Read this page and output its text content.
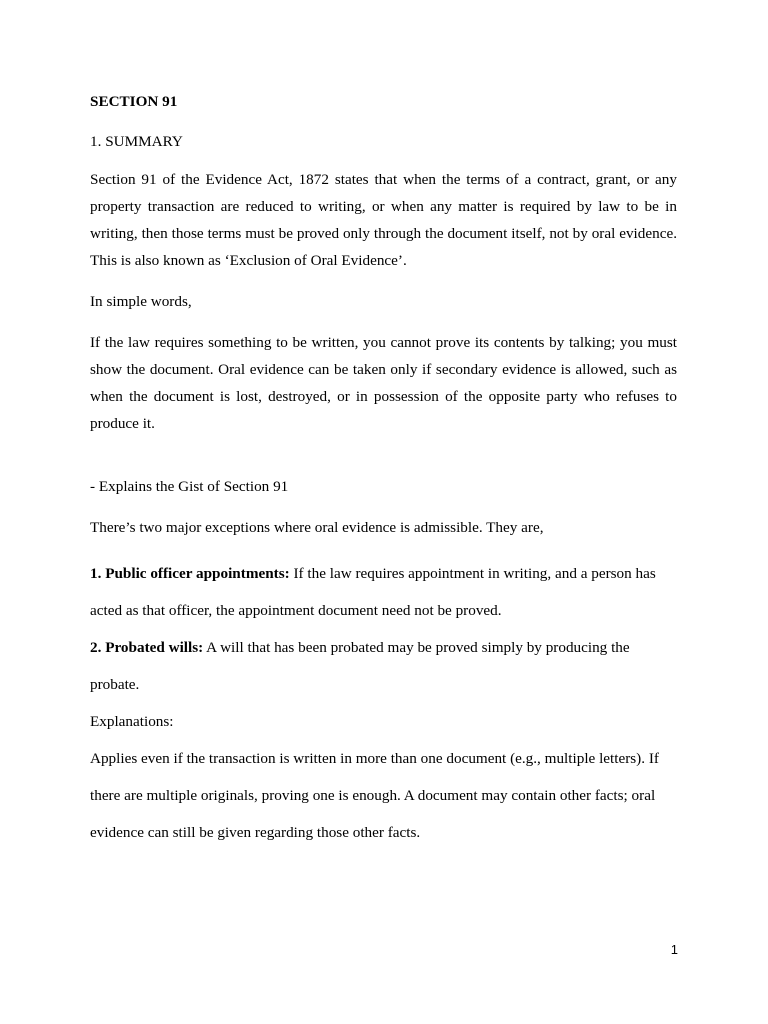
SECTION 91
1. SUMMARY

Section 91 of the Evidence Act, 1872 states that when the terms of a contract, grant, or any property transaction are reduced to writing, or when any matter is required by law to be in writing, then those terms must be proved only through the document itself, not by oral evidence. This is also known as ‘Exclusion of Oral Evidence’.

In simple words,

If the law requires something to be written, you cannot prove its contents by talking; you must show the document. Oral evidence can be taken only if secondary evidence is allowed, such as when the document is lost, destroyed, or in possession of the opposite party who refuses to produce it.

- Explains the Gist of Section 91

There’s two major exceptions where oral evidence is admissible. They are,

1. Public officer appointments: If the law requires appointment in writing, and a person has acted as that officer, the appointment document need not be proved.

2. Probated wills: A will that has been probated may be proved simply by producing the probate.

Explanations:

Applies even if the transaction is written in more than one document (e.g., multiple letters). If there are multiple originals, proving one is enough. A document may contain other facts; oral evidence can still be given regarding those other facts.

1
